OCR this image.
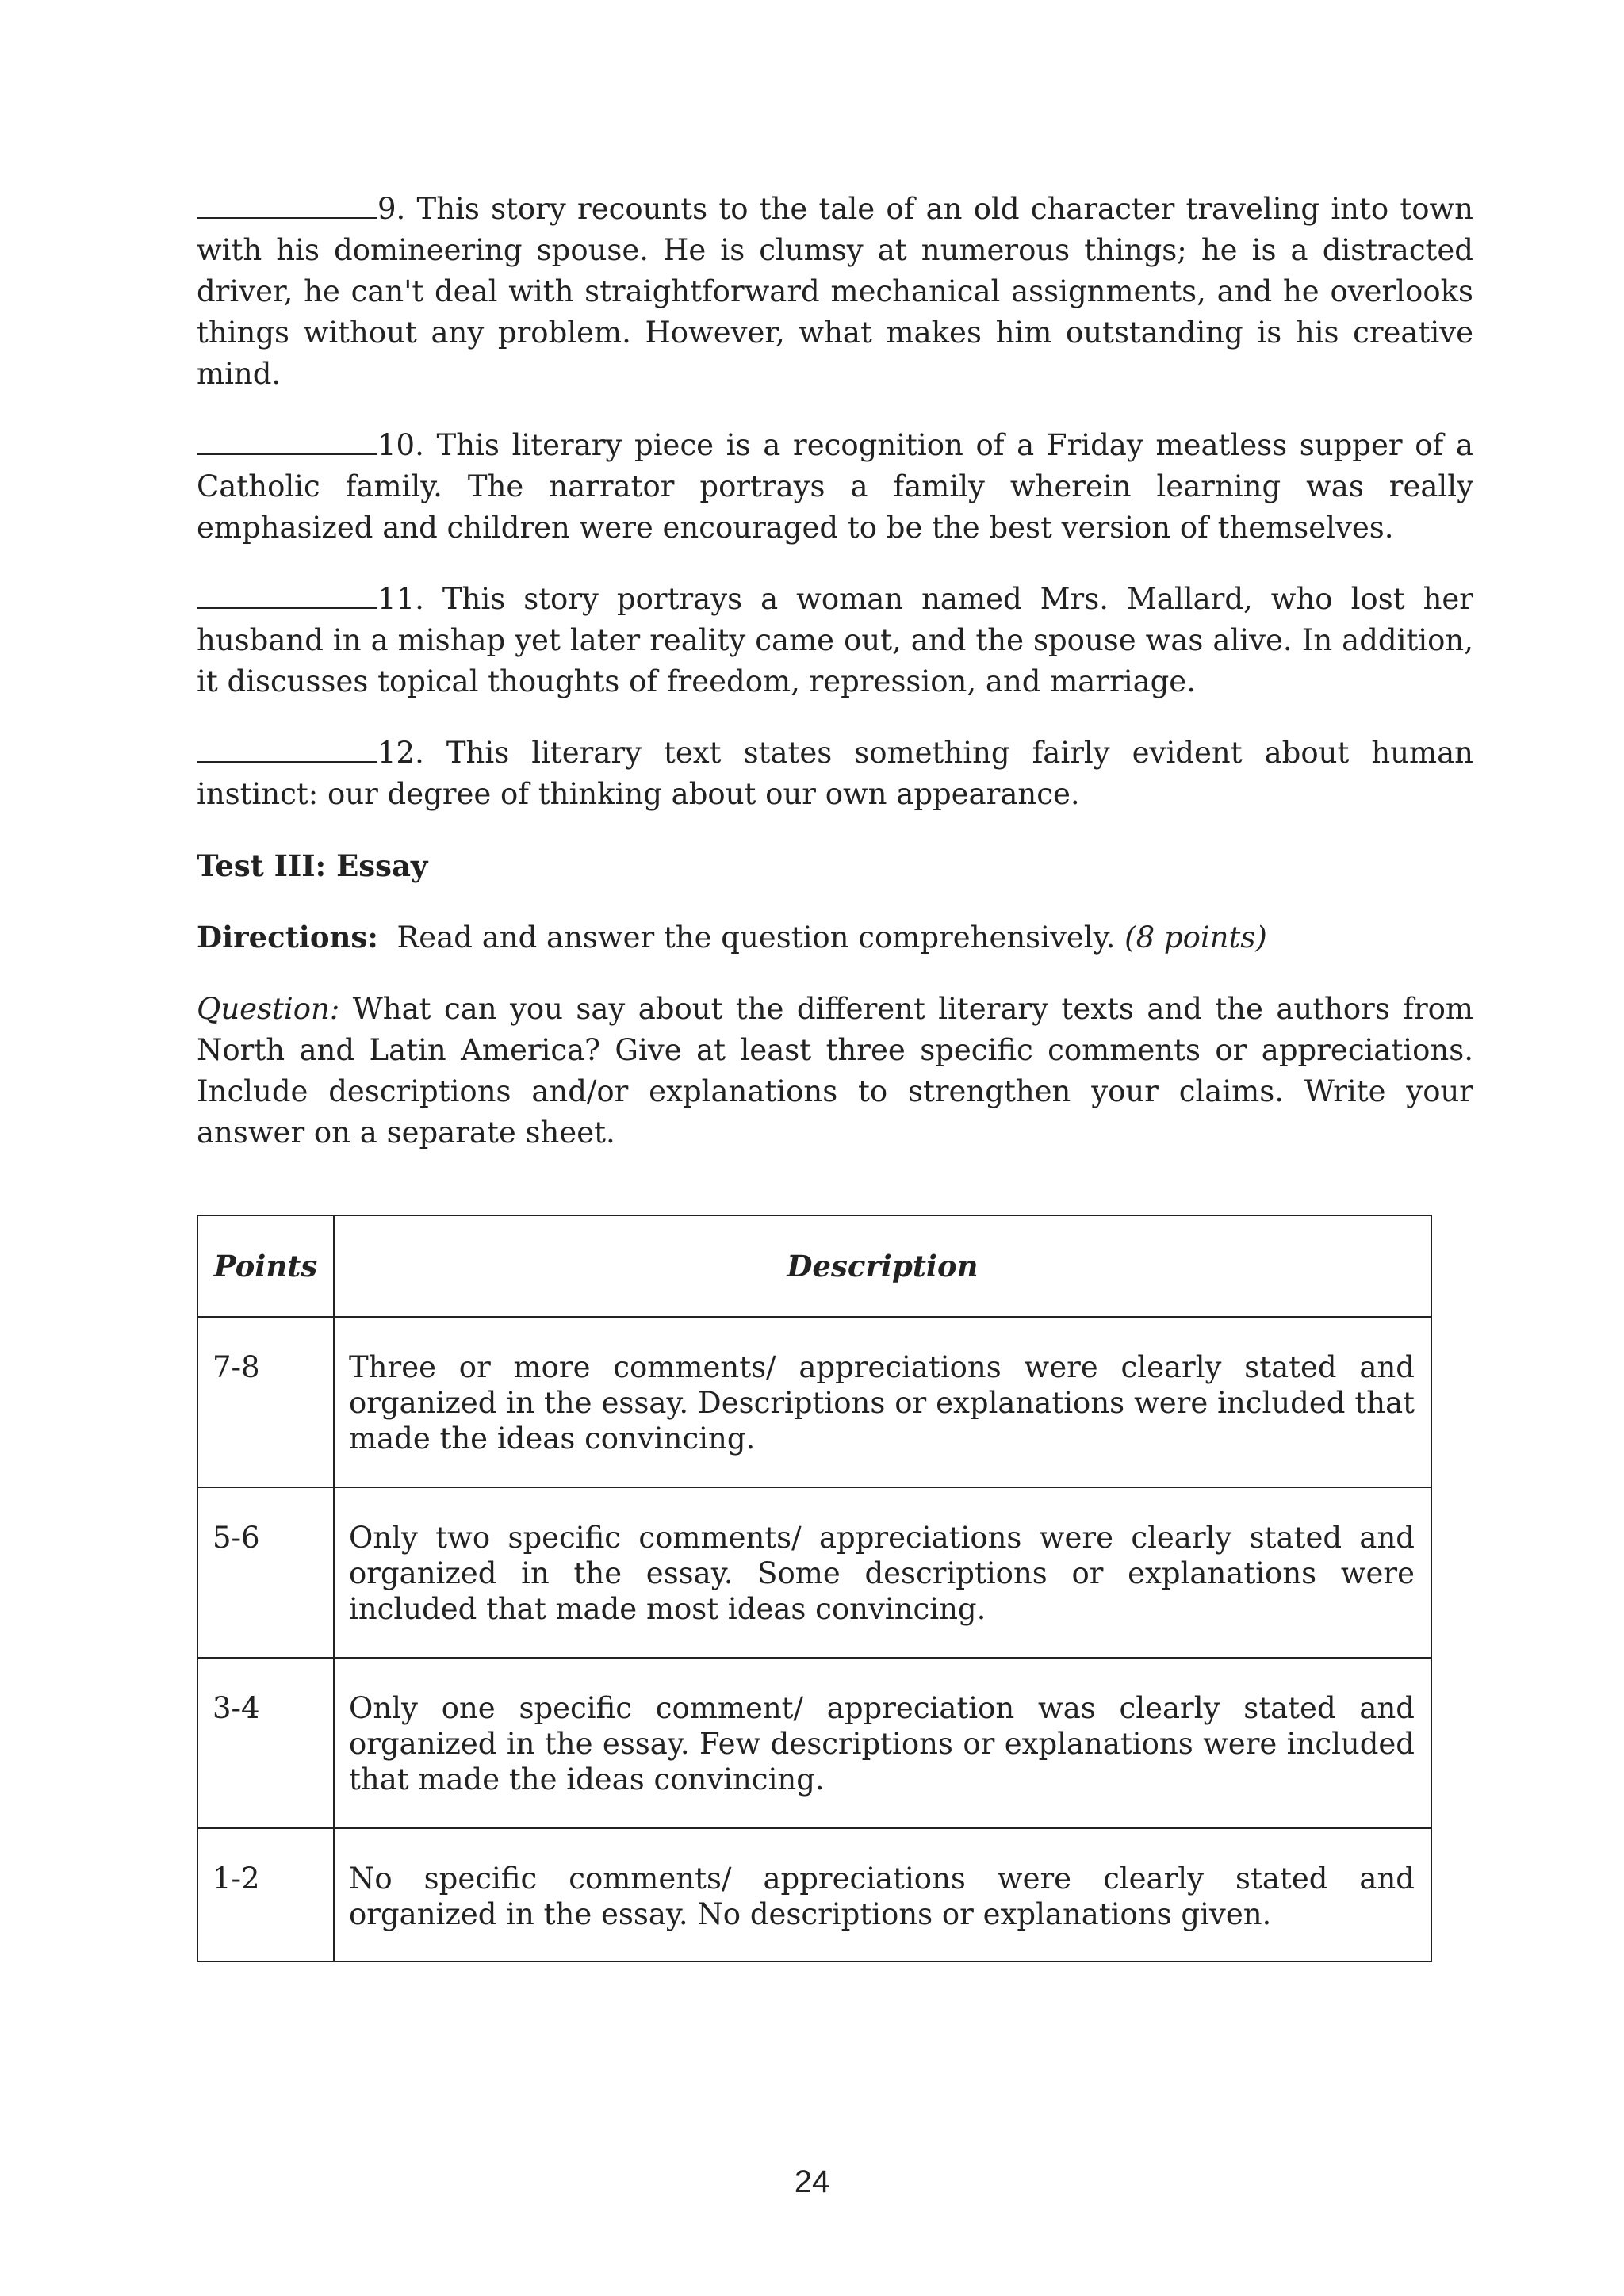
9. This story recounts to the tale of an old character traveling into town with his domineering spouse. He is clumsy at numerous things; he is a distracted driver, he can't deal with straightforward mechanical assignments, and he overlooks things without any problem. However, what makes him outstanding is his creative mind.

10. This literary piece is a recognition of a Friday meatless supper of a Catholic family. The narrator portrays a family wherein learning was really emphasized and children were encouraged to be the best version of themselves.

11. This story portrays a woman named Mrs. Mallard, who lost her husband in a mishap yet later reality came out, and the spouse was alive. In addition, it discusses topical thoughts of freedom, repression, and marriage.

12. This literary text states something fairly evident about human instinct: our degree of thinking about our own appearance.

Test III: Essay

Directions: Read and answer the question comprehensively. (8 points)

Question: What can you say about the different literary texts and the authors from North and Latin America? Give at least three specific comments or appreciations. Include descriptions and/or explanations to strengthen your claims. Write your answer on a separate sheet.

Points	Description
7-8	Three or more comments/ appreciations were clearly stated and organized in the essay. Descriptions or explanations were included that made the ideas convincing.
5-6	Only two specific comments/ appreciations were clearly stated and organized in the essay. Some descriptions or explanations were included that made most ideas convincing.
3-4	Only one specific comment/ appreciation was clearly stated and organized in the essay. Few descriptions or explanations were included that made the ideas convincing.
1-2	No specific comments/ appreciations were clearly stated and organized in the essay. No descriptions or explanations given.
24
